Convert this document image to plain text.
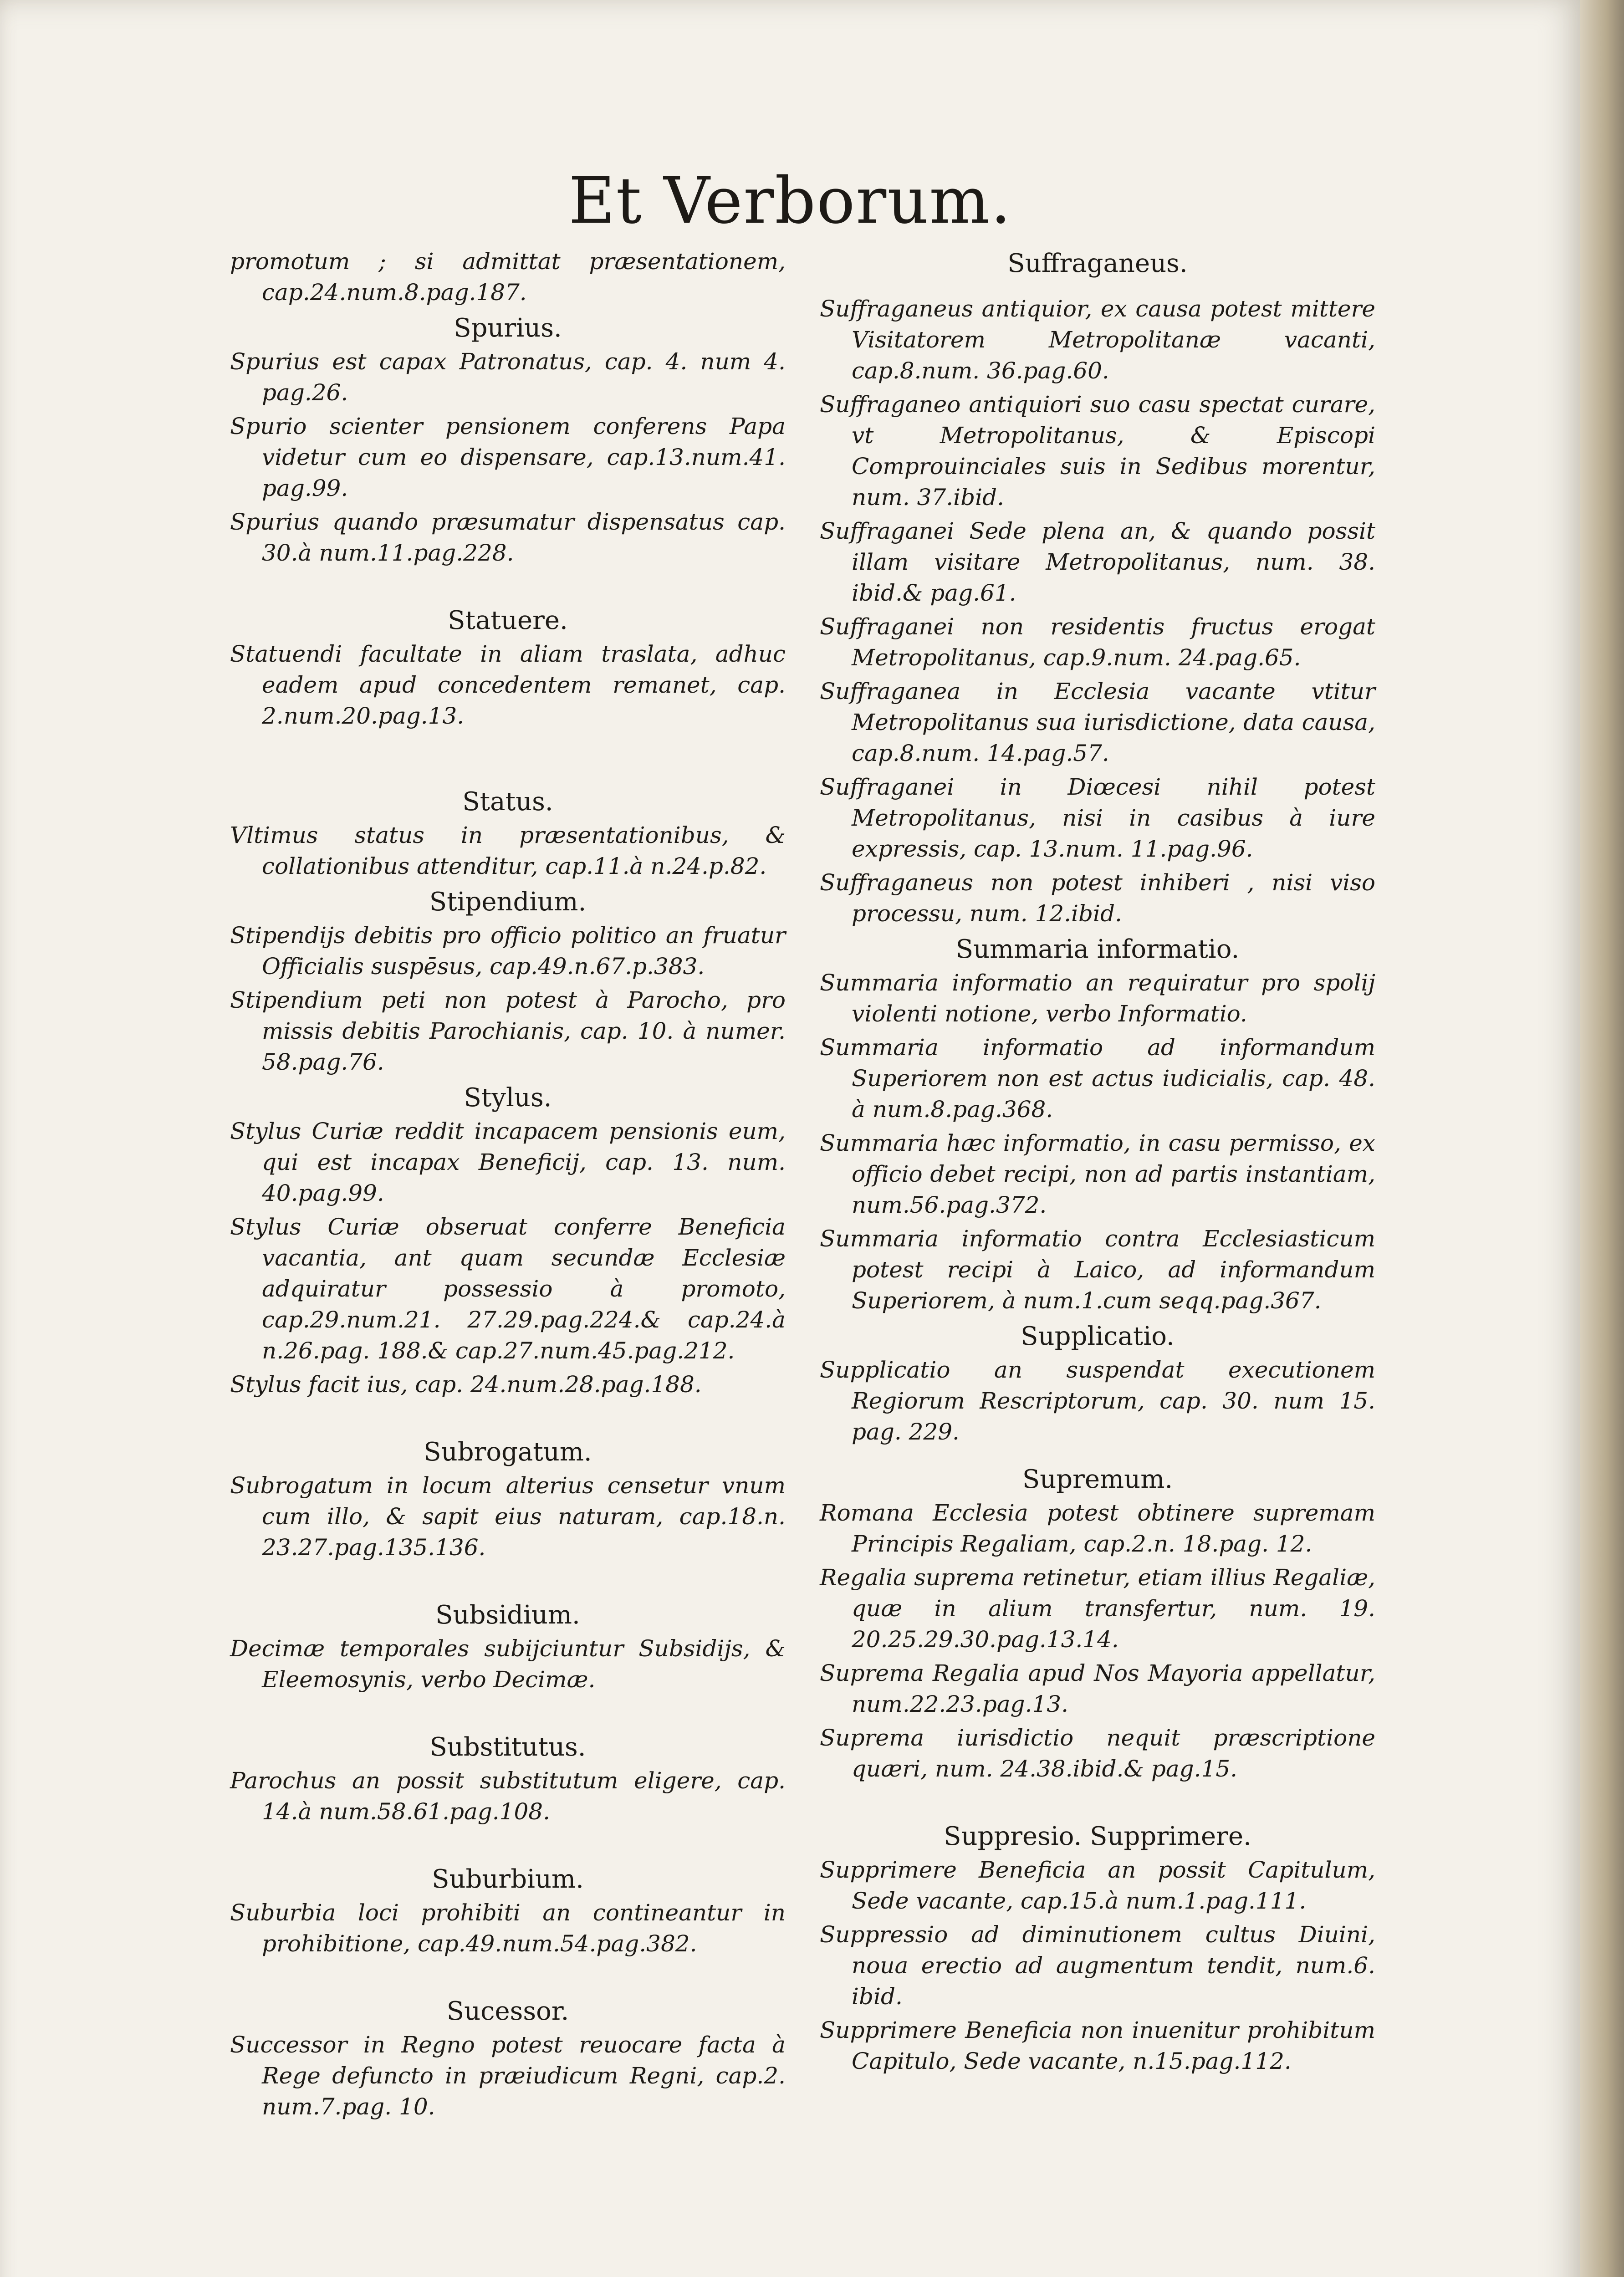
Et Verborum.

promotum ; si admittat præsentationem, cap.24.num.8.pag.187.

Spurius.

Spurius est capax Patronatus, cap. 4. num 4. pag.26.

Spurio scienter pensionem conferens Papa videtur cum eo dispensare, cap.13.num.41. pag.99.

Spurius quando præsumatur dispensatus cap. 30.à num.11.pag.228.

Statuere.

Statuendi facultate in aliam traslata, adhuc eadem apud concedentem remanet, cap. 2.num.20.pag.13.

Status.

Vltimus status in præsentationibus, & collationibus attenditur, cap.11.à n.24.p.82.

Stipendium.

Stipendijs debitis pro officio politico an fruatur Officialis suspēsus, cap.49.n.67.p.383.

Stipendium peti non potest à Parocho, pro missis debitis Parochianis, cap. 10. à numer. 58.pag.76.

Stylus.

Stylus Curiæ reddit incapacem pensionis eum, qui est incapax Beneficij, cap. 13. num. 40.pag.99.

Stylus Curiæ obseruat conferre Beneficia vacantia, ant quam secundæ Ecclesiæ adquiratur possessio à promoto, cap.29.num.21. 27.29.pag.224.& cap.24.à n.26.pag. 188.& cap.27.num.45.pag.212.

Stylus facit ius, cap. 24.num.28.pag.188.

Subrogatum.

Subrogatum in locum alterius censetur vnum cum illo, & sapit eius naturam, cap.18.n. 23.27.pag.135.136.

Subsidium.

Decimæ temporales subijciuntur Subsidijs, & Eleemosynis, verbo Decimæ.

Substitutus.

Parochus an possit substitutum eligere, cap. 14.à num.58.61.pag.108.

Suburbium.

Suburbia loci prohibiti an contineantur in prohibitione, cap.49.num.54.pag.382.

Sucessor.

Successor in Regno potest reuocare facta à Rege defuncto in præiudicum Regni, cap.2. num.7.pag. 10.

Suffraganeus.

Suffraganeus antiquior, ex causa potest mittere Visitatorem Metropolitanæ vacanti, cap.8.num. 36.pag.60.

Suffraganeo antiquiori suo casu spectat curare, vt Metropolitanus, & Episcopi Comprouinciales suis in Sedibus morentur, num. 37.ibid.

Suffraganei Sede plena an, & quando possit illam visitare Metropolitanus, num. 38. ibid.& pag.61.

Suffraganei non residentis fructus erogat Metropolitanus, cap.9.num. 24.pag.65.

Suffraganea in Ecclesia vacante vtitur Metropolitanus sua iurisdictione, data causa, cap.8.num. 14.pag.57.

Suffraganei in Diœcesi nihil potest Metropolitanus, nisi in casibus à iure expressis, cap. 13.num. 11.pag.96.

Suffraganeus non potest inhiberi , nisi viso processu, num. 12.ibid.

Summaria informatio.

Summaria informatio an requiratur pro spolij violenti notione, verbo Informatio.

Summaria informatio ad informandum Superiorem non est actus iudicialis, cap. 48. à num.8.pag.368.

Summaria hæc informatio, in casu permisso, ex officio debet recipi, non ad partis instantiam, num.56.pag.372.

Summaria informatio contra Ecclesiasticum potest recipi à Laico, ad informandum Superiorem, à num.1.cum seqq.pag.367.

Supplicatio.

Supplicatio an suspendat executionem Regiorum Rescriptorum, cap. 30. num 15. pag. 229.

Supremum.

Romana Ecclesia potest obtinere supremam Principis Regaliam, cap.2.n. 18.pag. 12.

Regalia suprema retinetur, etiam illius Regaliæ, quæ in alium transfertur, num. 19. 20.25.29.30.pag.13.14.

Suprema Regalia apud Nos Mayoria appellatur, num.22.23.pag.13.

Suprema iurisdictio nequit præscriptione quæri, num. 24.38.ibid.& pag.15.

Suppresio. Supprimere.

Supprimere Beneficia an possit Capitulum, Sede vacante, cap.15.à num.1.pag.111.

Suppressio ad diminutionem cultus Diuini, noua erectio ad augmentum tendit, num.6. ibid.

Supprimere Beneficia non inuenitur prohibitum Capitulo, Sede vacante, n.15.pag.112.
